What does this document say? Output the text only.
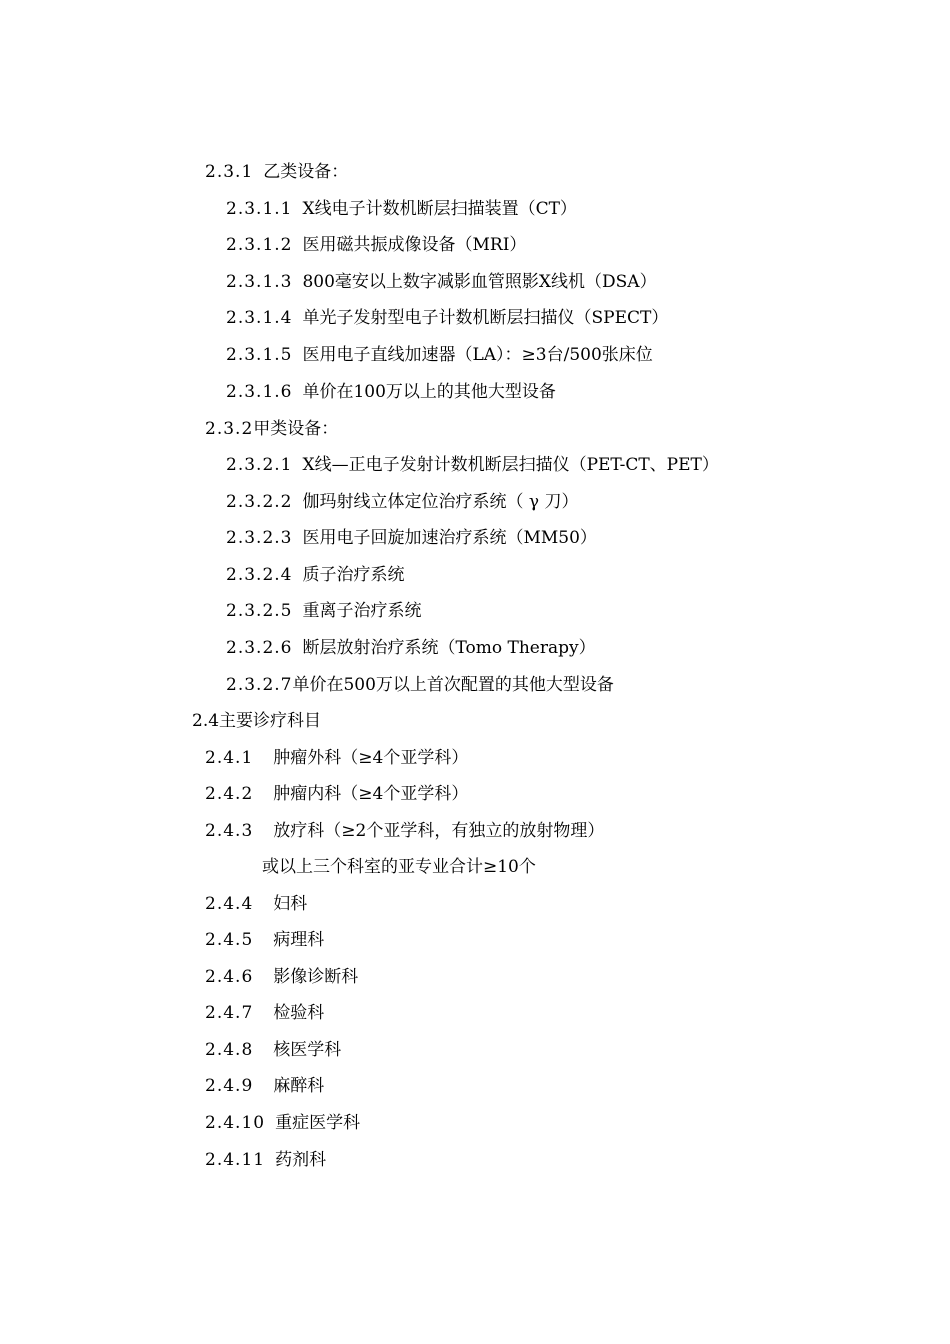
2.3.1 乙类设备：
2.3.1.1 X线电子计数机断层扫描装置（CT）
2.3.1.2 医用磁共振成像设备（MRI）
2.3.1.3 800毫安以上数字减影血管照影X线机（DSA）
2.3.1.4 单光子发射型电子计数机断层扫描仪（SPECT）
2.3.1.5 医用电子直线加速器（LA）：≥3台/500张床位
2.3.1.6 单价在100万以上的其他大型设备
2.3.2甲类设备：
2.3.2.1 X线—正电子发射计数机断层扫描仪（PET-CT、PET）
2.3.2.2 伽玛射线立体定位治疗系统（ γ 刀）
2.3.2.3 医用电子回旋加速治疗系统（MM50）
2.3.2.4 质子治疗系统
2.3.2.5 重离子治疗系统
2.3.2.6 断层放射治疗系统（Tomo Therapy）
2.3.2.7单价在500万以上首次配置的其他大型设备
2.4主要诊疗科目
2.4.1 肿瘤外科（≥4个亚学科）
2.4.2 肿瘤内科（≥4个亚学科）
2.4.3 放疗科（≥2个亚学科，有独立的放射物理）
或以上三个科室的亚专业合计≥10个
2.4.4 妇科
2.4.5 病理科
2.4.6 影像诊断科
2.4.7 检验科
2.4.8 核医学科
2.4.9 麻醉科
2.4.10 重症医学科
2.4.11 药剂科
